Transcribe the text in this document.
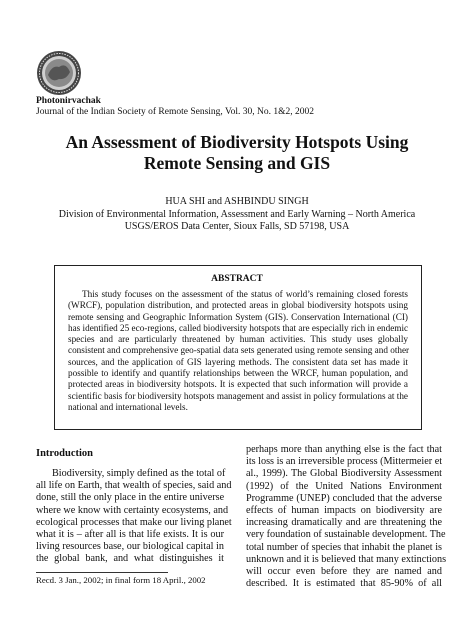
Photonirvachak
Journal of the Indian Society of Remote Sensing, Vol. 30, No. 1&2, 2002
An Assessment of Biodiversity Hotspots Using
Remote Sensing and GIS
HUA SHI and ASHBINDU SINGH
Division of Environmental Information, Assessment and Early Warning – North America
USGS/EROS Data Center, Sioux Falls, SD 57198, USA
ABSTRACT
This study focuses on the assessment of the status of world’s remaining closed forests
(WRCF), population distribution, and protected areas in global biodiversity hotspots using
remote sensing and Geographic Information System (GIS). Conservation International (CI)
has identified 25 eco-regions, called biodiversity hotspots that are especially rich in endemic
species and are particularly threatened by human activities. This study uses globally
consistent and comprehensive geo-spatial data sets generated using remote sensing and other
sources, and the application of GIS layering methods. The consistent data set has made it
possible to identify and quantify relationships between the WRCF, human population, and
protected areas in biodiversity hotspots. It is expected that such information will provide a
scientific basis for biodiversity hotspots management and assist in policy formulations at the
national and international levels.
Introduction
Biodiversity, simply defined as the total of
all life on Earth, that wealth of species, said and
done, still the only place in the entire universe
where we know with certainty ecosystems, and
ecological processes that make our living planet
what it is – after all is that life exists. It is our
living resources base, our biological capital in
the global bank, and what distinguishes it
perhaps more than anything else is the fact that
its loss is an irreversible process (Mittermeier et
al., 1999). The Global Biodiversity Assessment
(1992) of the United Nations Environment
Programme (UNEP) concluded that the adverse
effects of human impacts on biodiversity are
increasing dramatically and are threatening the
very foundation of sustainable development. The
total number of species that inhabit the planet is
unknown and it is believed that many extinctions
will occur even before they are named and
described. It is estimated that 85-90% of all
Recd. 3 Jan., 2002; in final form 18 April., 2002
